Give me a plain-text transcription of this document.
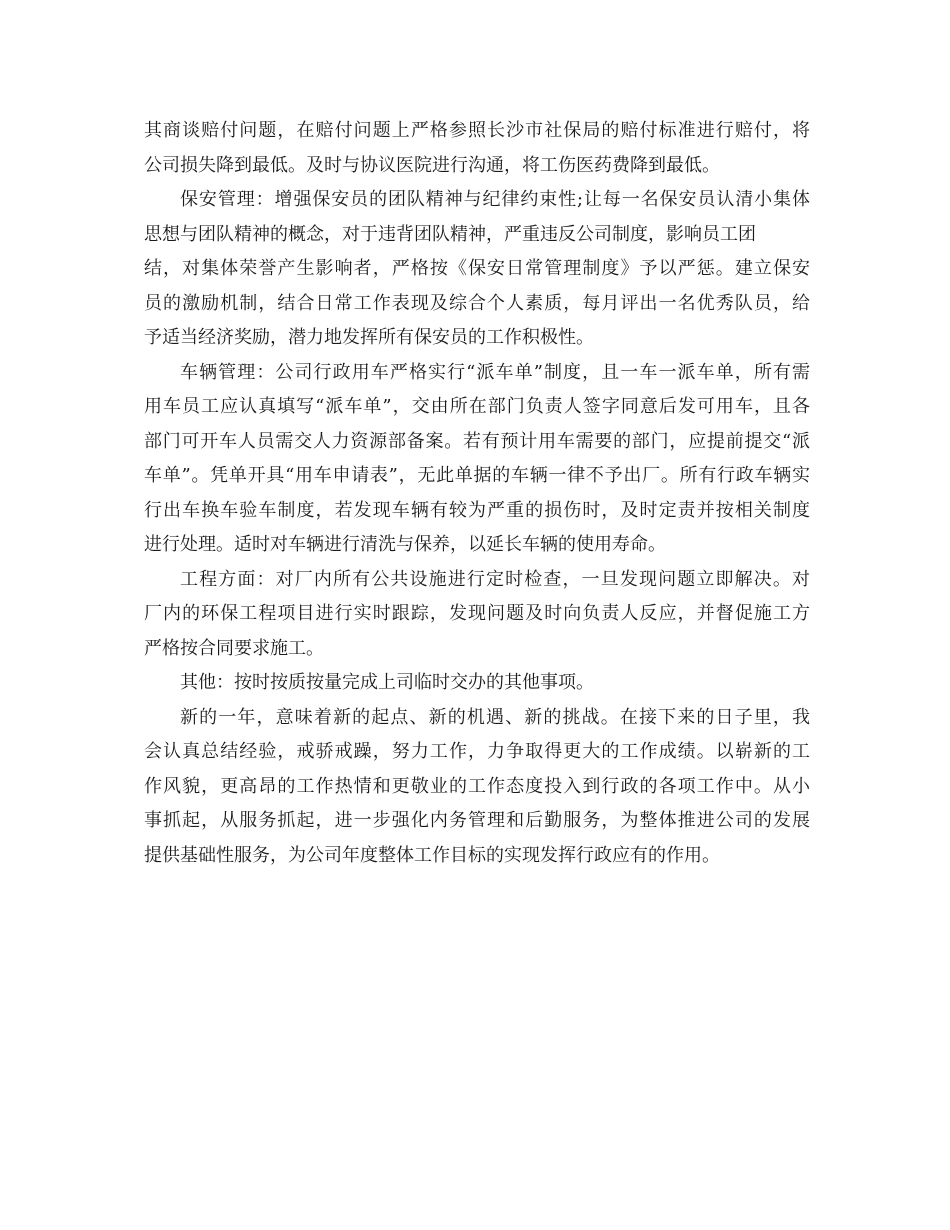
其商谈赔付问题，在赔付问题上严格参照长沙市社保局的赔付标准进行赔付，将
公司损失降到最低。及时与协议医院进行沟通，将工伤医药费降到最低。
保安管理：增强保安员的团队精神与纪律约束性;让每一名保安员认清小集体
思想与团队精神的概念，对于违背团队精神，严重违反公司制度，影响员工团
结，对集体荣誉产生影响者，严格按《保安日常管理制度》予以严惩。建立保安
员的激励机制，结合日常工作表现及综合个人素质，每月评出一名优秀队员，给
予适当经济奖励，潜力地发挥所有保安员的工作积极性。
车辆管理：公司行政用车严格实行“派车单”制度，且一车一派车单，所有需
用车员工应认真填写“派车单”，交由所在部门负责人签字同意后发可用车，且各
部门可开车人员需交人力资源部备案。若有预计用车需要的部门，应提前提交“派
车单”。凭单开具“用车申请表”，无此单据的车辆一律不予出厂。所有行政车辆实
行出车换车验车制度，若发现车辆有较为严重的损伤时，及时定责并按相关制度
进行处理。适时对车辆进行清洗与保养，以延长车辆的使用寿命。
工程方面：对厂内所有公共设施进行定时检查，一旦发现问题立即解决。对
厂内的环保工程项目进行实时跟踪，发现问题及时向负责人反应，并督促施工方
严格按合同要求施工。
其他：按时按质按量完成上司临时交办的其他事项。
新的一年，意味着新的起点、新的机遇、新的挑战。在接下来的日子里，我
会认真总结经验，戒骄戒躁，努力工作，力争取得更大的工作成绩。以崭新的工
作风貌，更高昂的工作热情和更敬业的工作态度投入到行政的各项工作中。从小
事抓起，从服务抓起，进一步强化内务管理和后勤服务，为整体推进公司的发展
提供基础性服务，为公司年度整体工作目标的实现发挥行政应有的作用。
